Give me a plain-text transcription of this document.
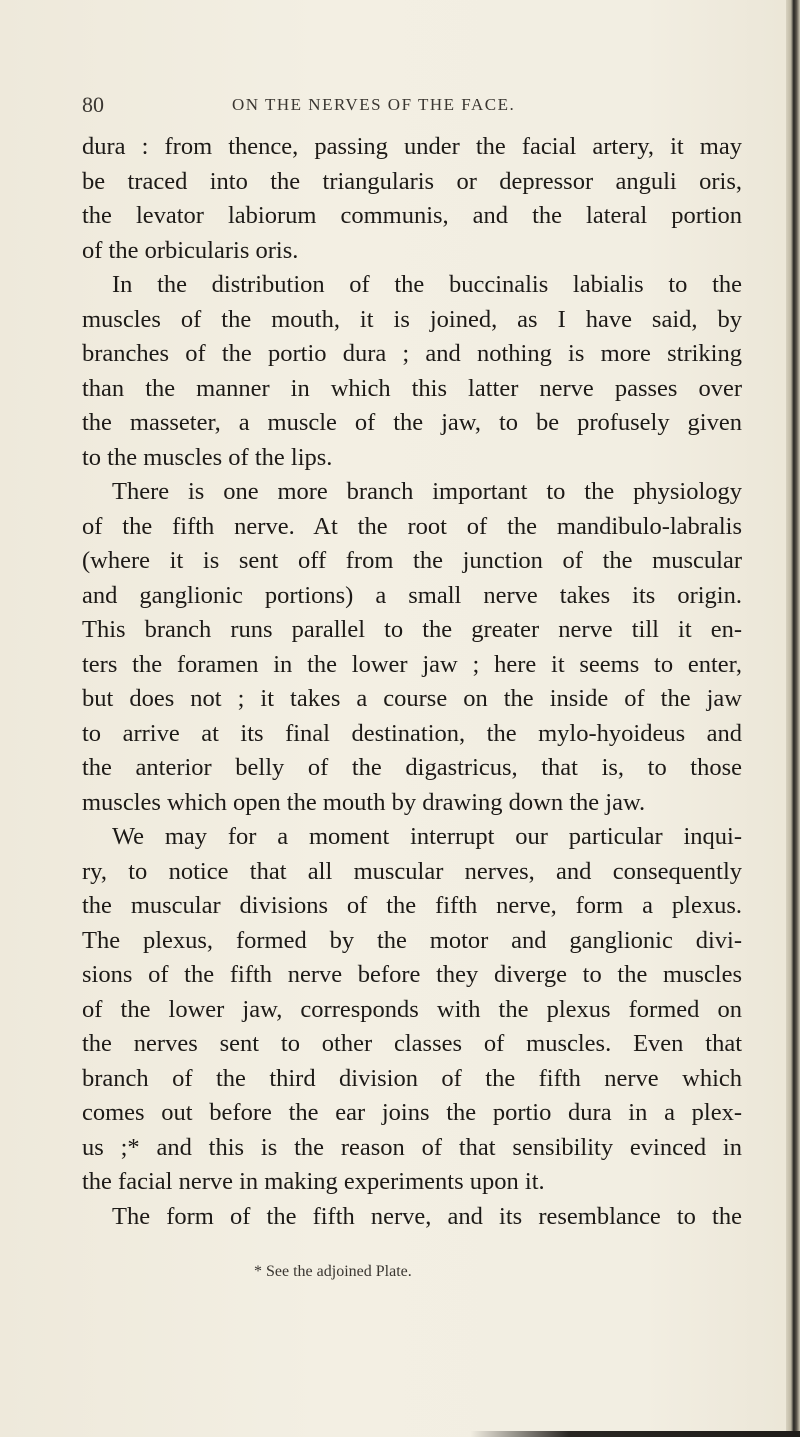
80	ON THE NERVES OF THE FACE.
dura : from thence, passing under the facial artery, it may
be traced into the triangularis or depressor anguli oris,
the levator labiorum communis, and the lateral portion
of the orbicularis oris.
In the distribution of the buccinalis labialis to the
muscles of the mouth, it is joined, as I have said, by
branches of the portio dura ; and nothing is more striking
than the manner in which this latter nerve passes over
the masseter, a muscle of the jaw, to be profusely given
to the muscles of the lips.
There is one more branch important to the physiology
of the fifth nerve. At the root of the mandibulo-labralis
(where it is sent off from the junction of the muscular
and ganglionic portions) a small nerve takes its origin.
This branch runs parallel to the greater nerve till it en-
ters the foramen in the lower jaw ; here it seems to enter,
but does not ; it takes a course on the inside of the jaw
to arrive at its final destination, the mylo-hyoideus and
the anterior belly of the digastricus, that is, to those
muscles which open the mouth by drawing down the jaw.
We may for a moment interrupt our particular inqui-
ry, to notice that all muscular nerves, and consequently
the muscular divisions of the fifth nerve, form a plexus.
The plexus, formed by the motor and ganglionic divi-
sions of the fifth nerve before they diverge to the muscles
of the lower jaw, corresponds with the plexus formed on
the nerves sent to other classes of muscles. Even that
branch of the third division of the fifth nerve which
comes out before the ear joins the portio dura in a plex-
us ;* and this is the reason of that sensibility evinced in
the facial nerve in making experiments upon it.
The form of the fifth nerve, and its resemblance to the
* See the adjoined Plate.
